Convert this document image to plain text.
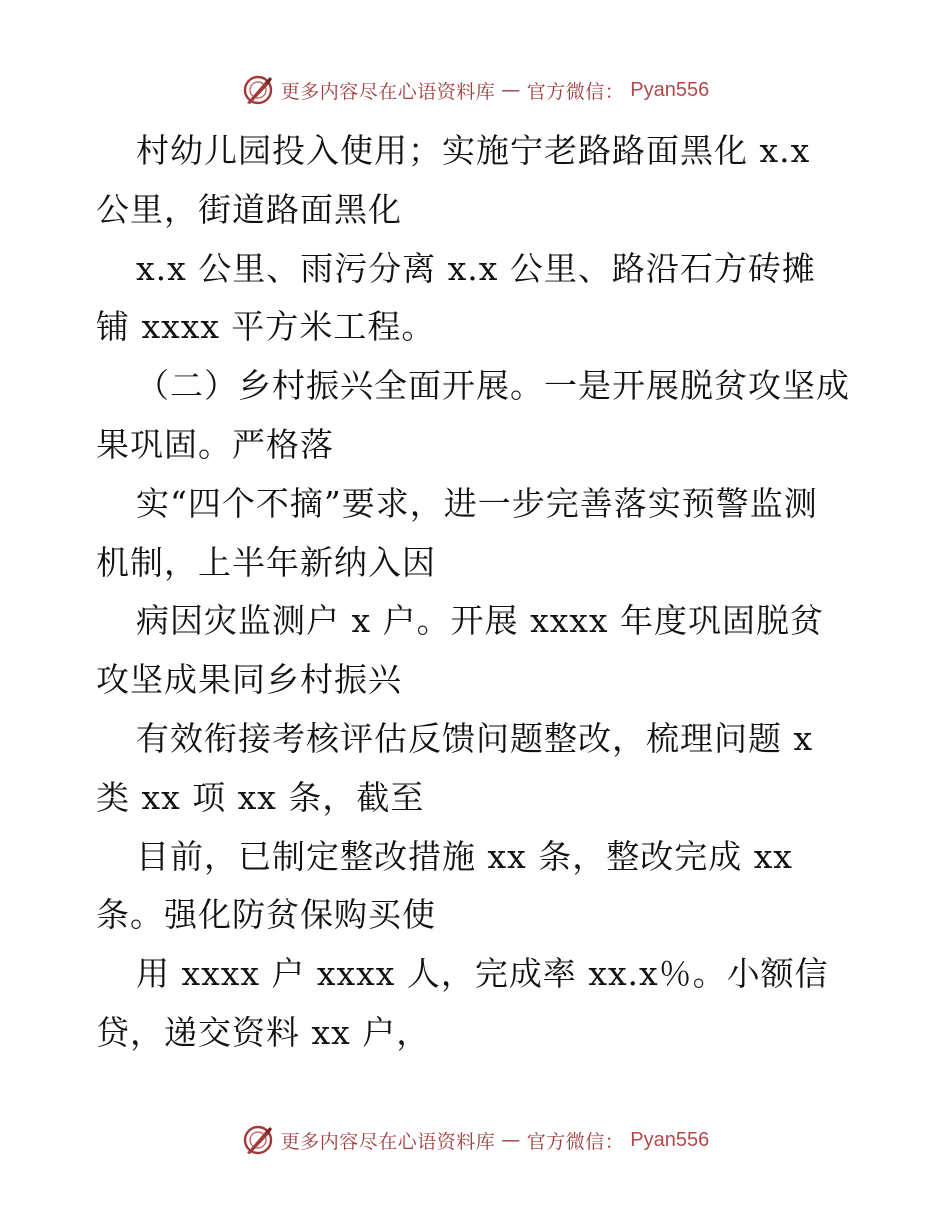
更多内容尽在心语资料库 — 官方微信： Pyan556
村幼儿园投入使用；实施宁老路路面黑化 x.x
公里，街道路面黑化
x.x 公里、雨污分离 x.x 公里、路沿石方砖摊
铺 xxxx 平方米工程。
（二）乡村振兴全面开展。一是开展脱贫攻坚成
果巩固。严格落
实“四个不摘”要求，进一步完善落实预警监测
机制，上半年新纳入因
病因灾监测户 x 户。开展 xxxx 年度巩固脱贫
攻坚成果同乡村振兴
有效衔接考核评估反馈问题整改，梳理问题 x
类 xx 项 xx 条，截至
目前，已制定整改措施 xx 条，整改完成 xx
条。强化防贫保购买使
用 xxxx 户 xxxx 人，完成率 xx.x％。小额信
贷，递交资料 xx 户，
更多内容尽在心语资料库 — 官方微信： Pyan556
